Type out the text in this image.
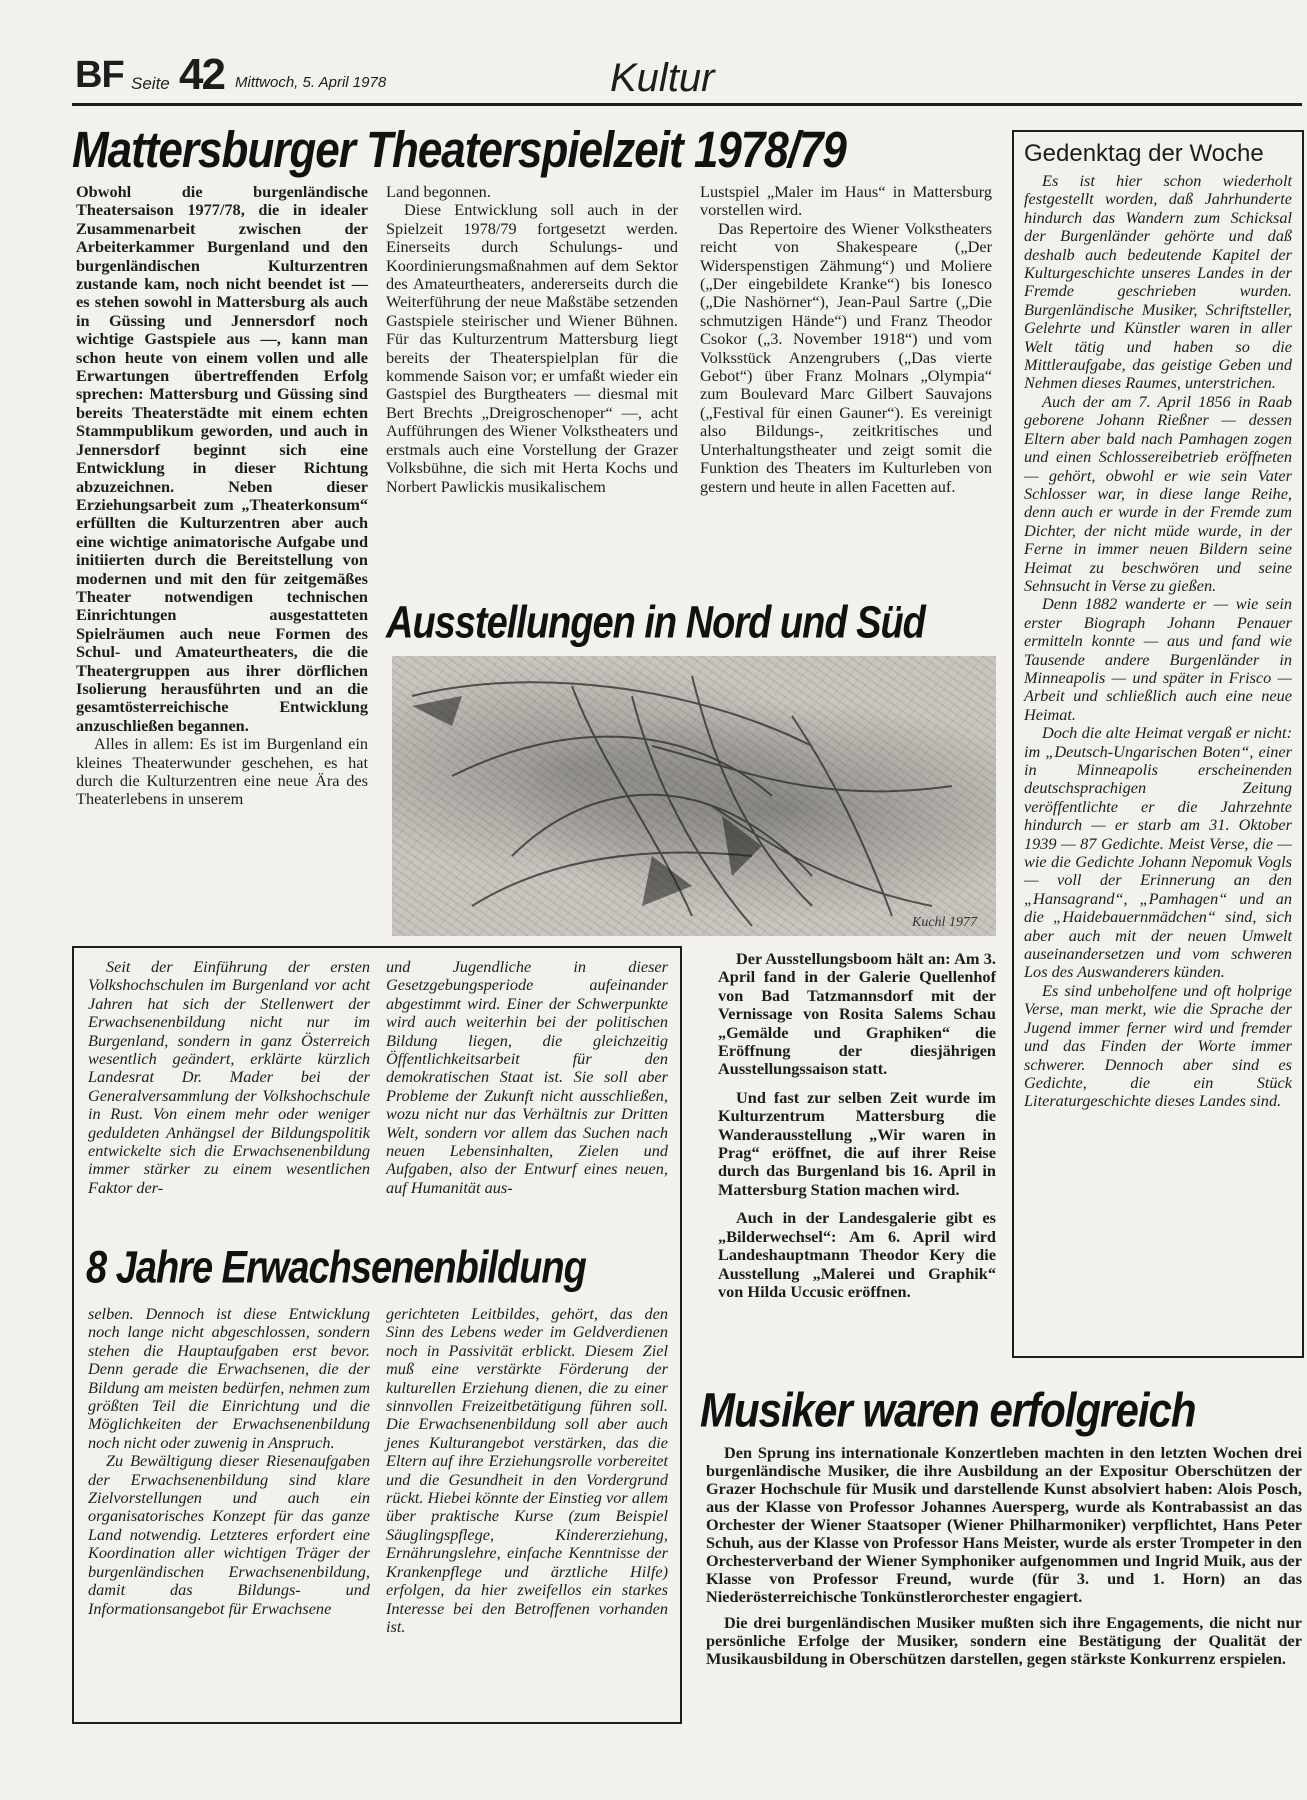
BF Seite 42 Mittwoch, 5. April 1978	Kultur
Mattersburger Theaterspielzeit 1978/79

Obwohl die burgenländische Theatersaison 1977/78, die in idealer Zusammenarbeit zwischen der Arbeiterkammer Burgenland und den burgenländischen Kulturzentren zustande kam, noch nicht beendet ist — es stehen sowohl in Mattersburg als auch in Güssing und Jennersdorf noch wichtige Gastspiele aus —, kann man schon heute von einem vollen und alle Erwartungen übertreffenden Erfolg sprechen: Mattersburg und Güssing sind bereits Theaterstädte mit einem echten Stammpublikum geworden, und auch in Jennersdorf beginnt sich eine Entwicklung in dieser Richtung abzuzeichnen. Neben dieser Erziehungsarbeit zum „Theaterkonsum“ erfüllten die Kulturzentren aber auch eine wichtige animatorische Aufgabe und initiierten durch die Bereitstellung von modernen und mit den für zeitgemäßes Theater notwendigen technischen Einrichtungen ausgestatteten Spielräumen auch neue Formen des Schul- und Amateurtheaters, die die Theatergruppen aus ihrer dörflichen Isolierung herausführten und an die gesamtösterreichische Entwicklung anzuschließen begannen.

Alles in allem: Es ist im Burgenland ein kleines Theaterwunder geschehen, es hat durch die Kulturzentren eine neue Ära des Theaterlebens in unserem

Land begonnen.

Diese Entwicklung soll auch in der Spielzeit 1978/79 fortgesetzt werden. Einerseits durch Schulungs- und Koordinierungsmaßnahmen auf dem Sektor des Amateurtheaters, andererseits durch die Weiterführung der neue Maßstäbe setzenden Gastspiele steirischer und Wiener Bühnen. Für das Kulturzentrum Mattersburg liegt bereits der Theaterspielplan für die kommende Saison vor; er umfaßt wieder ein Gastspiel des Burgtheaters — diesmal mit Bert Brechts „Dreigroschenoper“ —, acht Aufführungen des Wiener Volkstheaters und erstmals auch eine Vorstellung der Grazer Volksbühne, die sich mit Herta Kochs und Norbert Pawlickis musikalischem

Lustspiel „Maler im Haus“ in Mattersburg vorstellen wird.

Das Repertoire des Wiener Volkstheaters reicht von Shakespeare („Der Widerspenstigen Zähmung“) und Moliere („Der eingebildete Kranke“) bis Ionesco („Die Nashörner“), Jean-Paul Sartre („Die schmutzigen Hände“) und Franz Theodor Csokor („3. November 1918“) und vom Volksstück Anzengrubers („Das vierte Gebot“) über Franz Molnars „Olympia“ zum Boulevard Marc Gilbert Sauvajons („Festival für einen Gauner“). Es vereinigt also Bildungs-, zeitkritisches und Unterhaltungstheater und zeigt somit die Funktion des Theaters im Kulturleben von gestern und heute in allen Facetten auf.

Ausstellungen in Nord und Süd
Kuchl 1977

Der Ausstellungsboom hält an: Am 3. April fand in der Galerie Quellenhof von Bad Tatzmannsdorf mit der Vernissage von Rosita Salems Schau „Gemälde und Graphiken“ die Eröffnung der diesjährigen Ausstellungssaison statt.

Und fast zur selben Zeit wurde im Kulturzentrum Mattersburg die Wanderausstellung „Wir waren in Prag“ eröffnet, die auf ihrer Reise durch das Burgenland bis 16. April in Mattersburg Station machen wird.

Auch in der Landesgalerie gibt es „Bilderwechsel“: Am 6. April wird Landeshauptmann Theodor Kery die Ausstellung „Malerei und Graphik“ von Hilda Uccusic eröffnen.

Seit der Einführung der ersten Volkshochschulen im Burgenland vor acht Jahren hat sich der Stellenwert der Erwachsenenbildung nicht nur im Burgenland, sondern in ganz Österreich wesentlich geändert, erklärte kürzlich Landesrat Dr. Mader bei der Generalversammlung der Volkshochschule in Rust. Von einem mehr oder weniger geduldeten Anhängsel der Bildungspolitik entwickelte sich die Erwachsenenbildung immer stärker zu einem wesentlichen Faktor der-

und Jugendliche in dieser Gesetzgebungsperiode aufeinander abgestimmt wird. Einer der Schwerpunkte wird auch weiterhin bei der politischen Bildung liegen, die gleichzeitig Öffentlichkeitsarbeit für den demokratischen Staat ist. Sie soll aber Probleme der Zukunft nicht ausschließen, wozu nicht nur das Verhältnis zur Dritten Welt, sondern vor allem das Suchen nach neuen Lebensinhalten, Zielen und Aufgaben, also der Entwurf eines neuen, auf Humanität aus-

8 Jahre Erwachsenenbildung

selben. Dennoch ist diese Entwicklung noch lange nicht abgeschlossen, sondern stehen die Hauptaufgaben erst bevor. Denn gerade die Erwachsenen, die der Bildung am meisten bedürfen, nehmen zum größten Teil die Einrichtung und die Möglichkeiten der Erwachsenenbildung noch nicht oder zuwenig in Anspruch.

Zu Bewältigung dieser Riesenaufgaben der Erwachsenenbildung sind klare Zielvorstellungen und auch ein organisatorisches Konzept für das ganze Land notwendig. Letzteres erfordert eine Koordination aller wichtigen Träger der burgenländischen Erwachsenenbildung, damit das Bildungs- und Informationsangebot für Erwachsene

gerichteten Leitbildes, gehört, das den Sinn des Lebens weder im Geldverdienen noch in Passivität erblickt. Diesem Ziel muß eine verstärkte Förderung der kulturellen Erziehung dienen, die zu einer sinnvollen Freizeitbetätigung führen soll. Die Erwachsenenbildung soll aber auch jenes Kulturangebot verstärken, das die Eltern auf ihre Erziehungsrolle vorbereitet und die Gesundheit in den Vordergrund rückt. Hiebei könnte der Einstieg vor allem über praktische Kurse (zum Beispiel Säuglingspflege, Kindererziehung, Ernährungslehre, einfache Kenntnisse der Krankenpflege und ärztliche Hilfe) erfolgen, da hier zweifellos ein starkes Interesse bei den Betroffenen vorhanden ist.

Gedenktag der Woche

Es ist hier schon wiederholt festgestellt worden, daß Jahrhunderte hindurch das Wandern zum Schicksal der Burgenländer gehörte und daß deshalb auch bedeutende Kapitel der Kulturgeschichte unseres Landes in der Fremde geschrieben wurden. Burgenländische Musiker, Schriftsteller, Gelehrte und Künstler waren in aller Welt tätig und haben so die Mittleraufgabe, das geistige Geben und Nehmen dieses Raumes, unterstrichen.

Auch der am 7. April 1856 in Raab geborene Johann Rießner — dessen Eltern aber bald nach Pamhagen zogen und einen Schlossereibetrieb eröffneten — gehört, obwohl er wie sein Vater Schlosser war, in diese lange Reihe, denn auch er wurde in der Fremde zum Dichter, der nicht müde wurde, in der Ferne in immer neuen Bildern seine Heimat zu beschwören und seine Sehnsucht in Verse zu gießen.

Denn 1882 wanderte er — wie sein erster Biograph Johann Penauer ermitteln konnte — aus und fand wie Tausende andere Burgenländer in Minneapolis — und später in Frisco — Arbeit und schließlich auch eine neue Heimat.

Doch die alte Heimat vergaß er nicht: im „Deutsch-Ungarischen Boten“, einer in Minneapolis erscheinenden deutschsprachigen Zeitung veröffentlichte er die Jahrzehnte hindurch — er starb am 31. Oktober 1939 — 87 Gedichte. Meist Verse, die — wie die Gedichte Johann Nepomuk Vogls — voll der Erinnerung an den „Hansagrand“, „Pamhagen“ und an die „Haidebauernmädchen“ sind, sich aber auch mit der neuen Umwelt auseinandersetzen und vom schweren Los des Auswanderers künden.

Es sind unbeholfene und oft holprige Verse, man merkt, wie die Sprache der Jugend immer ferner wird und fremder und das Finden der Worte immer schwerer. Dennoch aber sind es Gedichte, die ein Stück Literaturgeschichte dieses Landes sind.

Musiker waren erfolgreich

Den Sprung ins internationale Konzertleben machten in den letzten Wochen drei burgenländische Musiker, die ihre Ausbildung an der Expositur Oberschützen der Grazer Hochschule für Musik und darstellende Kunst absolviert haben: Alois Posch, aus der Klasse von Professor Johannes Auersperg, wurde als Kontrabassist an das Orchester der Wiener Staatsoper (Wiener Philharmoniker) verpflichtet, Hans Peter Schuh, aus der Klasse von Professor Hans Meister, wurde als erster Trompeter in den Orchesterverband der Wiener Symphoniker aufgenommen und Ingrid Muik, aus der Klasse von Professor Freund, wurde (für 3. und 1. Horn) an das Niederösterreichische Tonkünstlerorchester engagiert.

Die drei burgenländischen Musiker mußten sich ihre Engagements, die nicht nur persönliche Erfolge der Musiker, sondern eine Bestätigung der Qualität der Musikausbildung in Oberschützen darstellen, gegen stärkste Konkurrenz erspielen.
